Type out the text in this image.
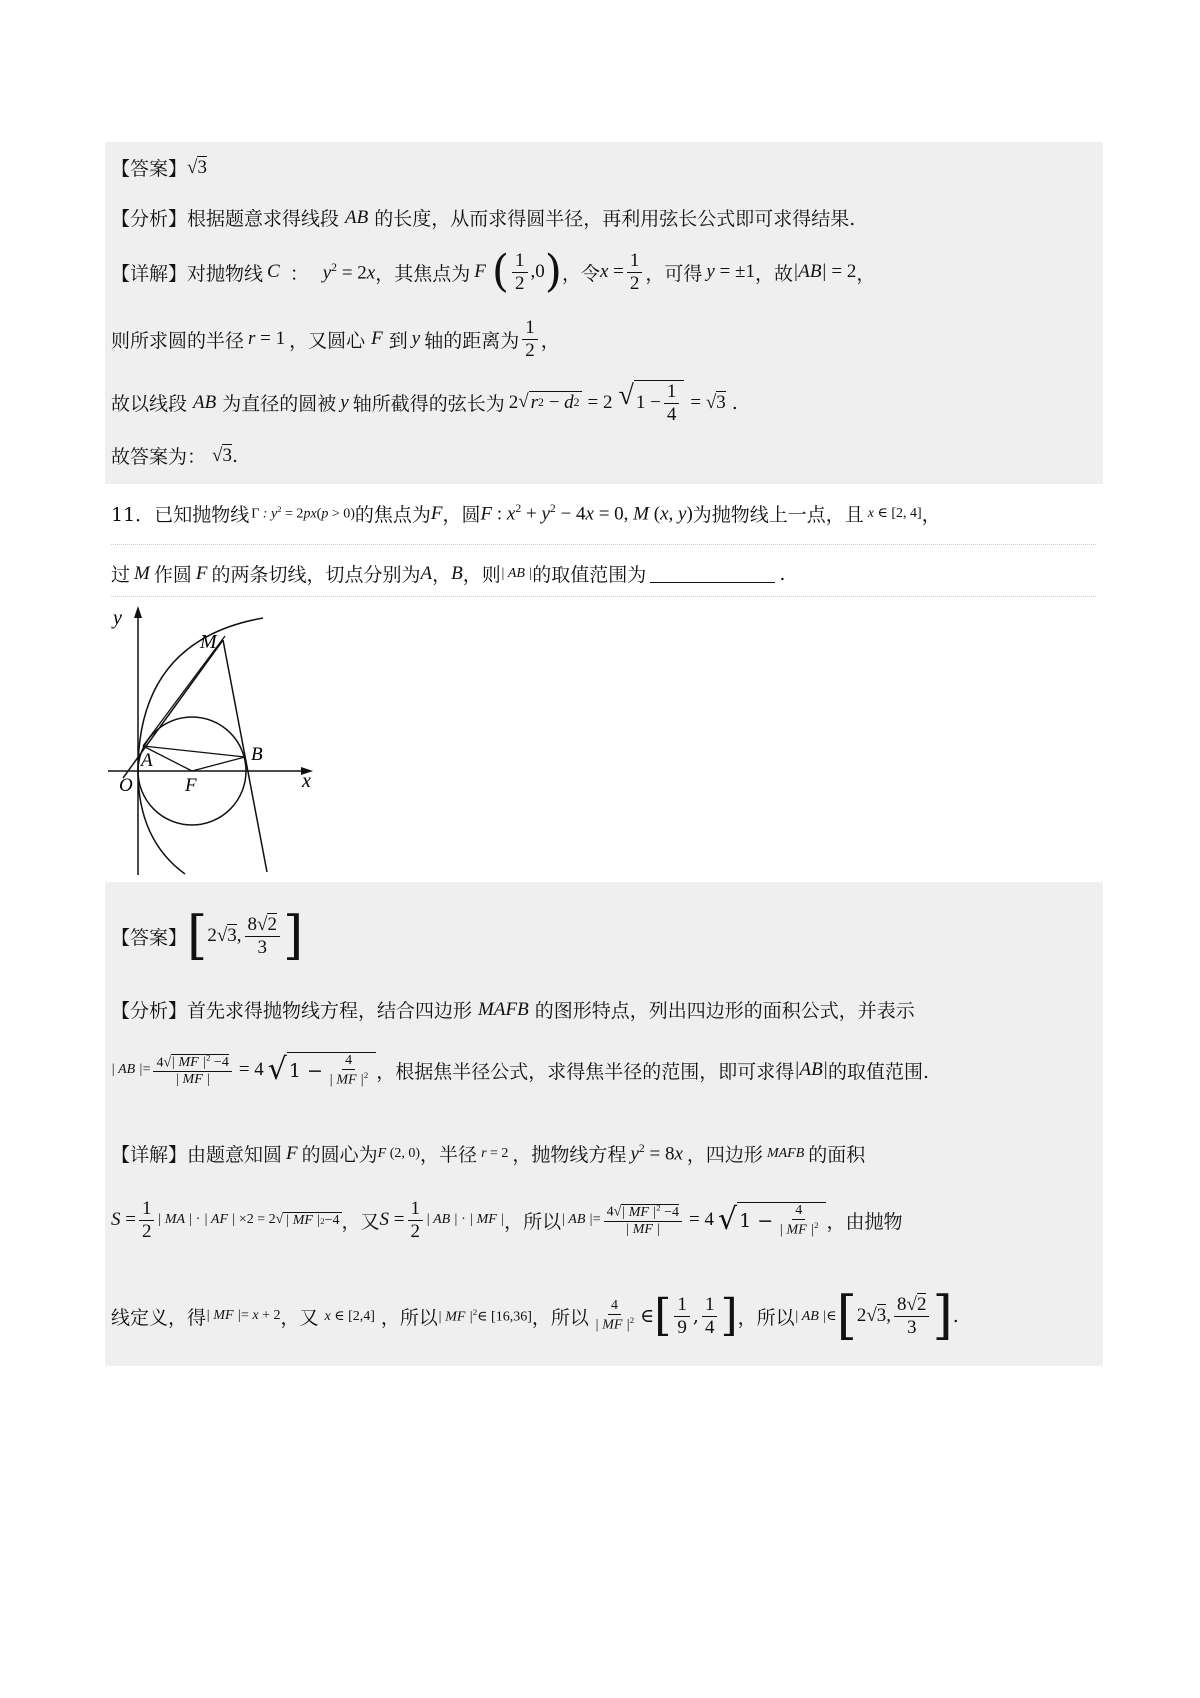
【答案】 √3
【分析】 根据题意求得线段 AB 的长度，从而求得圆半径，再利用弦长公式即可求得结果.
【详解】 对抛物线 C ： $y^2 = 2x$ ，其焦点为 F ( $\frac{1}{2} ,0$ ) ，令 $x = \frac{1}{2}$ ，可得 y = ±1 ，故 |AB| = 2 ，
则所求圆的半径 r = 1 ，又圆心 F 到 y 轴的距离为 $\frac{1}{2}$ ，
故以线段 AB 为直径的圆被 y 轴所截得的弦长为 2 √ r 2 − d 2 = 2 √ $1 - \frac{1}{4} = √3$ .
故答案为： √3 .
11． 已知抛物线 Γ : $y^2 = 2px(p > 0)$ 的焦点为 F ，圆 F : $x^2 + y^2 - 4x = 0$, M (x, y) 为抛物线上一点，且 x ∈ [2, 4] ，
过 M 作圆 F 的两条切线，切点分别为 A ， B ，则 | AB | 的取值范围为	.
y
M
A	B
O	F	x
【答案】 [ 2√3, $\frac{8√2}{3}$ ]
【分析】 首先求得抛物线方程，结合四边形 MAFB 的图形特点，列出四边形的面积公式，并表示
| AB |= $\frac{4√| MF |^2 -4}{| MF |} = 4$ √ $1 - \frac{4}{| MF |^2}$ ，根据焦半径公式，求得焦半径的范围，即可求得 |AB| 的取值范围.
【详解】 由题意知圆 F 的圆心为 F (2, 0) ，半径 r = 2 ，抛物线方程 $y^2 = 8x$ ，四边形 MAFB 的面积
$S = \frac{1}{2}$ | MA | · | AF | ×2 = 2 √ | MF | 2 −4 ，又 $S = \frac{1}{2}$ | AB | · | MF | ，所以 | AB |= $\frac{4√| MF |^2 -4}{| MF |} = 4$ √ $1 - \frac{4}{| MF |^2}$ ，由抛物
线定义，得 | MF |= x + 2 ，又 x ∈ [2,4] ，所以 | MF $|^2\in$ [16,36] ，所以 $\frac{4}{| MF |^2}$ ∈ [ $\frac{1}{9}$ , $\frac{1}{4}$ ] ，所以 | AB |∈ [ 2√3, $\frac{8√2}{3}$ ] .
